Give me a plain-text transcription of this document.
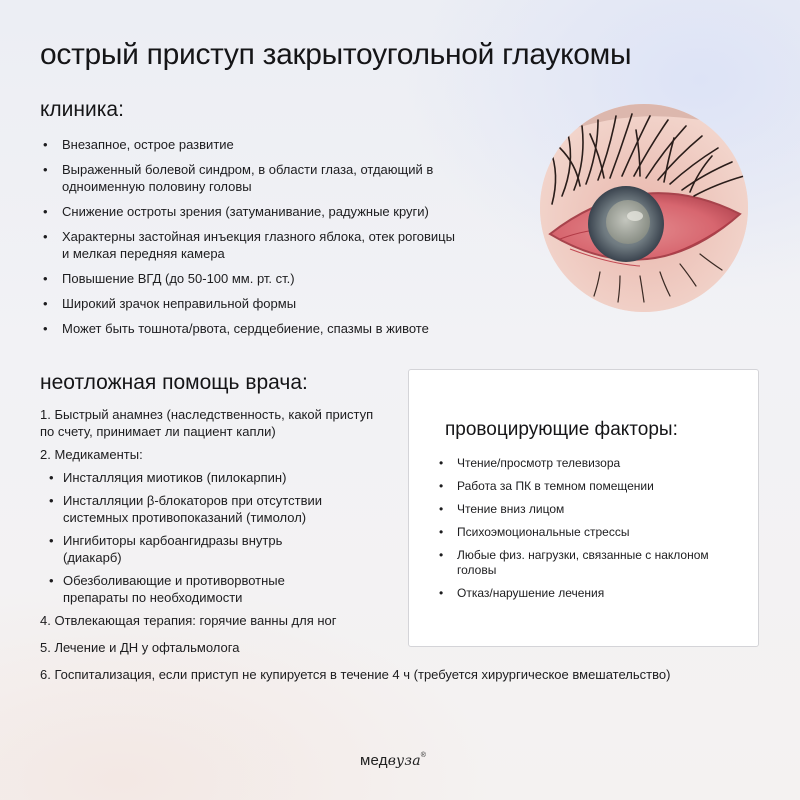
острый приступ закрытоугольной глаукомы
клиника:
• Внезапное, острое развитие
• Выраженный болевой синдром, в области глаза, отдающий в одноименную половину головы
• Снижение остроты зрения (затуманивание, радужные круги)
• Характерны застойная инъекция глазного яблока, отек роговицы и мелкая передняя камера
• Повышение ВГД (до 50-100 мм. рт. ст.)
• Широкий зрачок неправильной формы
• Может быть тошнота/рвота, сердцебиение, спазмы в животе
неотложная помощь врача:
1. Быстрый анамнез (наследственность, какой приступ по счету, принимает ли пациент капли)
2. Медикаменты:
• Инсталляция миотиков (пилокарпин)
• Инсталляции β-блокаторов при отсутствии системных противопоказаний (тимолол)
• Ингибиторы карбоангидразы внутрь (диакарб)
• Обезболивающие и противорвотные препараты по необходимости
4. Отвлекающая терапия: горячие ванны для ног
5. Лечение и ДН у офтальмолога
6. Госпитализация, если приступ не купируется в течение 4 ч (требуется хирургическое вмешательство)
провоцирующие факторы:
• Чтение/просмотр телевизора
• Работа за ПК в темном помещении
• Чтение вниз лицом
• Психоэмоциональные стрессы
• Любые физ. нагрузки, связанные с наклоном головы
• Отказ/нарушение лечения
медвуза®
